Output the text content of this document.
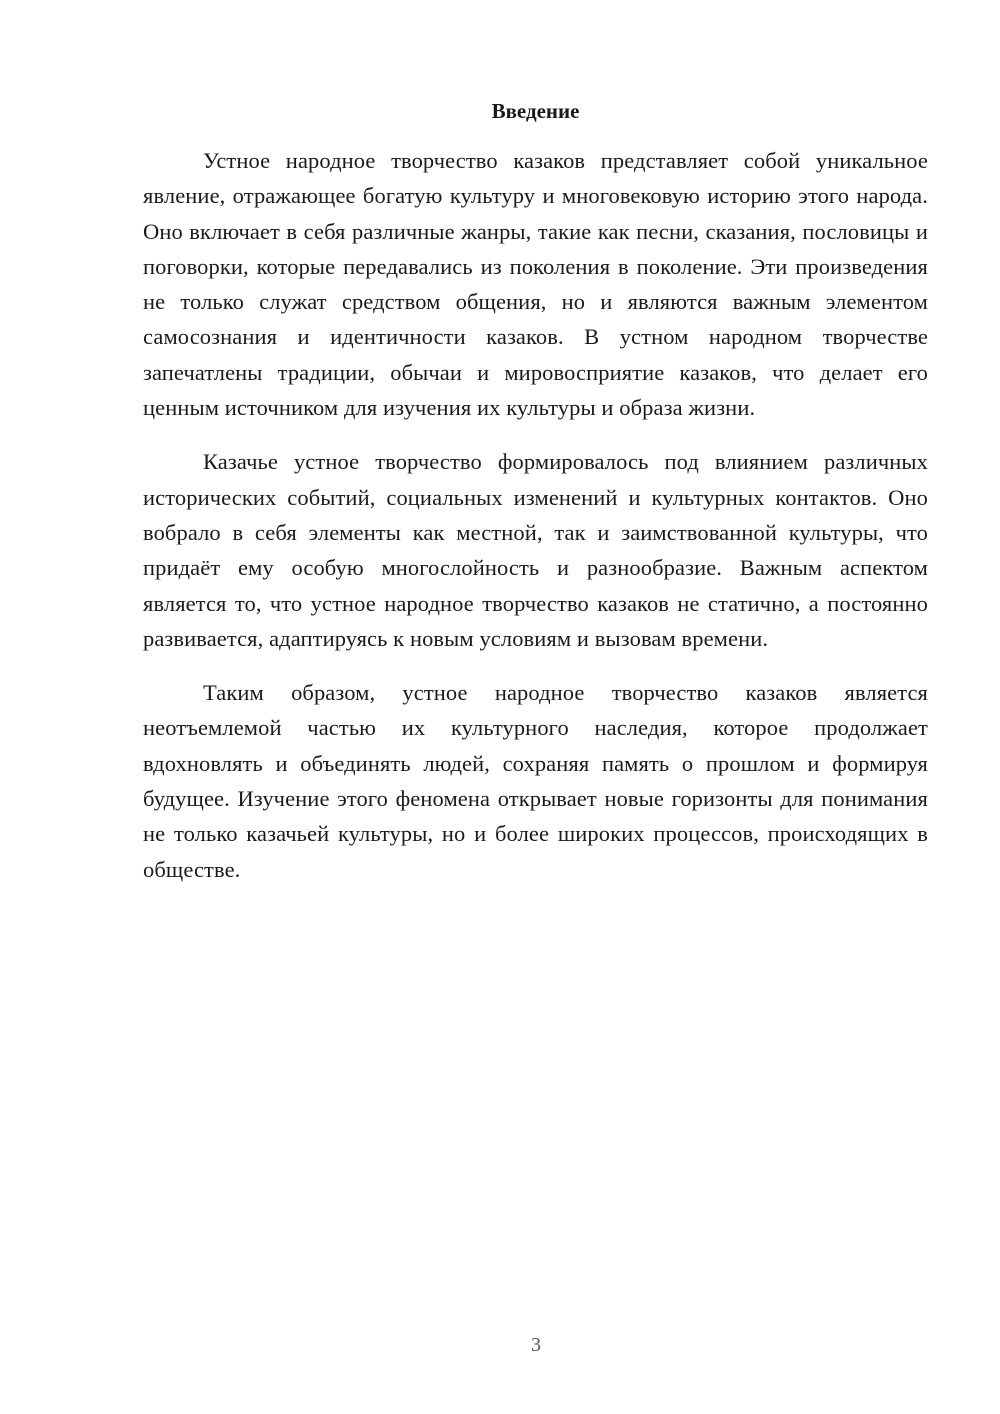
Введение

Устное народное творчество казаков представляет собой уникальное явление, отражающее богатую культуру и многовековую историю этого народа. Оно включает в себя различные жанры, такие как песни, сказания, пословицы и поговорки, которые передавались из поколения в поколение. Эти произведения не только служат средством общения, но и являются важным элементом самосознания и идентичности казаков. В устном народном творчестве запечатлены традиции, обычаи и мировосприятие казаков, что делает его ценным источником для изучения их культуры и образа жизни.

Казачье устное творчество формировалось под влиянием различных исторических событий, социальных изменений и культурных контактов. Оно вобрало в себя элементы как местной, так и заимствованной культуры, что придаёт ему особую многослойность и разнообразие. Важным аспектом является то, что устное народное творчество казаков не статично, а постоянно развивается, адаптируясь к новым условиям и вызовам времени.

Таким образом, устное народное творчество казаков является неотъемлемой частью их культурного наследия, которое продолжает вдохновлять и объединять людей, сохраняя память о прошлом и формируя будущее. Изучение этого феномена открывает новые горизонты для понимания не только казачьей культуры, но и более широких процессов, происходящих в обществе.

3
